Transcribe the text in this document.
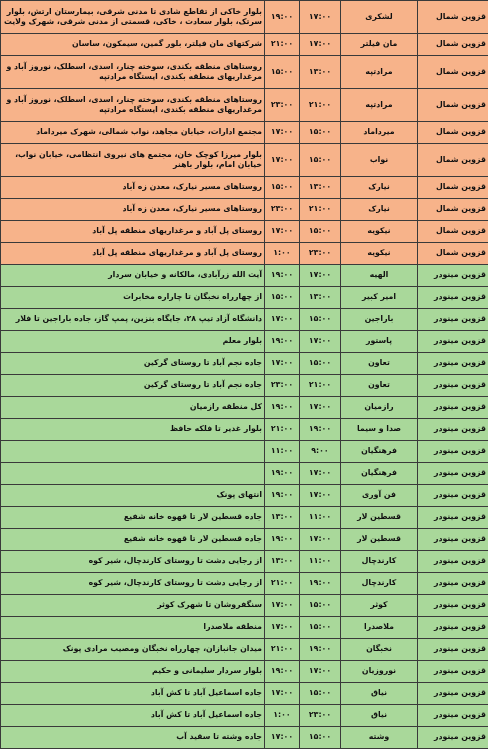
قزوین شمال	لشکری	۱۷:۰۰	۱۹:۰۰	بلوار خاکی از تقاطع شادی تا مدنی شرقی، بیمارستان ارتش، بلوار سرتک، بلوار سعادت ، خاکی، قسمتی از مدنی شرقی، شهرک ولایت
قزوین شمال	مان فیلتر	۱۷:۰۰	۲۱:۰۰	شرکتهای مان فیلتر، بلور گمین، سیمکون، ساسان
قزوین شمال	مرادتپه	۱۳:۰۰	۱۵:۰۰	روستاهای منطقه بکندی، سوخته چنار، اسدی، اسطلک، نوروز آباد و مرغداریهای منطقه بکندی، ایستگاه مرادتپه
قزوین شمال	مرادتپه	۲۱:۰۰	۲۳:۰۰	روستاهای منطقه بکندی، سوخته چنار، اسدی، اسطلک، نوروز آباد و مرغداریهای منطقه بکندی، ایستگاه مرادتپه
قزوین شمال	میرداماد	۱۵:۰۰	۱۷:۰۰	مجتمع ادارات، خیابان مجاهد، نواب شمالی، شهرک میرداماد
قزوین شمال	نواب	۱۵:۰۰	۱۷:۰۰	بلوار میرزا کوچک خان، مجتمع های نیروی انتظامی، خیابان نواب، خیابان امام، بلوار باهنر
قزوین شمال	نیارک	۱۳:۰۰	۱۵:۰۰	روستاهای مسیر نیارک، معدن زه آباد
قزوین شمال	نیارک	۲۱:۰۰	۲۳:۰۰	روستاهای مسیر نیارک، معدن زه آباد
قزوین شمال	نیکویه	۱۵:۰۰	۱۷:۰۰	روستای پل آباد و مرغداریهای منطقه پل آباد
قزوین شمال	نیکویه	۲۳:۰۰	۱:۰۰	روستای پل آباد و مرغداریهای منطقه پل آباد
قزوین مینودر	الهیه	۱۷:۰۰	۱۹:۰۰	آیت الله زرآبادی، مالکانه و خیابان سردار
قزوین مینودر	امیر کبیر	۱۳:۰۰	۱۵:۰۰	از چهارراه نخبگان تا چاراره مخابرات
قزوین مینودر	باراجین	۱۵:۰۰	۱۷:۰۰	دانشگاه آزاد تیپ ۲۸، جایگاه بنزین، پمپ گاز، جاده باراجین تا فلار
قزوین مینودر	پاستور	۱۷:۰۰	۱۹:۰۰	بلوار معلم
قزوین مینودر	تعاون	۱۵:۰۰	۱۷:۰۰	جاده نجم آباد تا روستای گرکین
قزوین مینودر	تعاون	۲۱:۰۰	۲۳:۰۰	جاده نجم آباد تا روستای گرکین
قزوین مینودر	رازمیان	۱۷:۰۰	۱۹:۰۰	کل منطقه رازمیان
قزوین مینودر	صدا و سیما	۱۹:۰۰	۲۱:۰۰	بلوار غدیر تا فلکه حافظ
قزوین مینودر	فرهنگیان	۹:۰۰	۱۱:۰۰	
قزوین مینودر	فرهنگیان	۱۷:۰۰	۱۹:۰۰	
قزوین مینودر	فن آوری	۱۷:۰۰	۱۹:۰۰	انتهای پونک
قزوین مینودر	قسطین لار	۱۱:۰۰	۱۳:۰۰	جاده قسطین لار تا قهوه خانه شفیع
قزوین مینودر	قسطین لار	۱۷:۰۰	۱۹:۰۰	جاده قسطین لار تا قهوه خانه شفیع
قزوین مینودر	کارندچال	۱۱:۰۰	۱۳:۰۰	از رجایی دشت تا روستای کارندچال، شیر کوه
قزوین مینودر	کارندچال	۱۹:۰۰	۲۱:۰۰	از رجایی دشت تا روستای کارندچال، شیر کوه
قزوین مینودر	کوثر	۱۵:۰۰	۱۷:۰۰	سنگفروشان تا شهرک کوثر
قزوین مینودر	ملاصدرا	۱۵:۰۰	۱۷:۰۰	منطقه ملاصدرا
قزوین مینودر	نخبگان	۱۹:۰۰	۲۱:۰۰	میدان جانبازان، چهارراه نخبگان ومصیب مرادی پونک
قزوین مینودر	نوروزیان	۱۷:۰۰	۱۹:۰۰	بلوار سردار سلیمانی و حکیم
قزوین مینودر	نیاق	۱۵:۰۰	۱۷:۰۰	جاده اسماعیل آباد تا کش آباد
قزوین مینودر	نیاق	۲۳:۰۰	۱:۰۰	جاده اسماعیل آباد تا کش آباد
قزوین مینودر	وشته	۱۵:۰۰	۱۷:۰۰	جاده وشته تا سقید آب
